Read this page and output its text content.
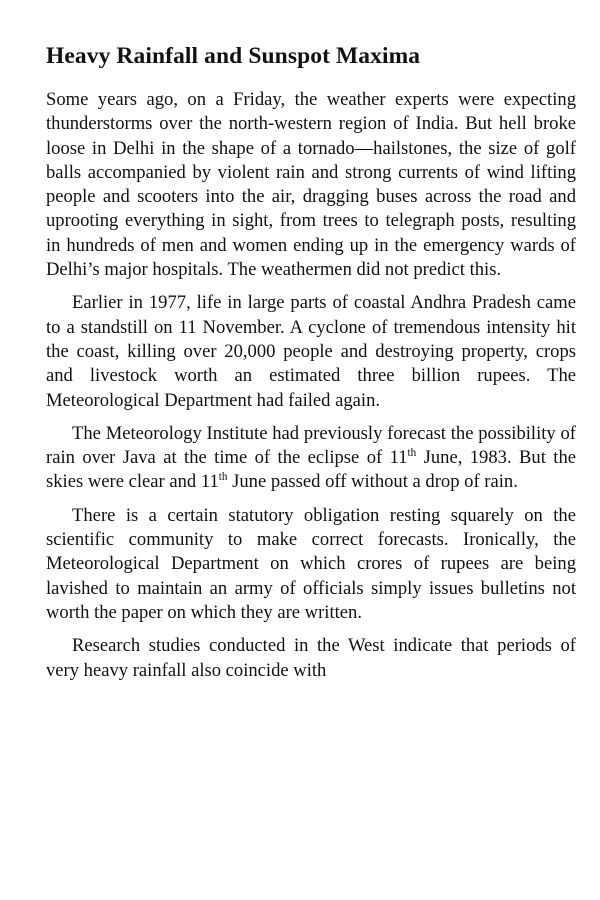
Heavy Rainfall and Sunspot Maxima

Some years ago, on a Friday, the weather experts were expecting thunderstorms over the north-western region of India. But hell broke loose in Delhi in the shape of a tornado—hailstones, the size of golf balls accompanied by violent rain and strong currents of wind lifting people and scooters into the air, dragging buses across the road and uprooting everything in sight, from trees to telegraph posts, resulting in hundreds of men and women ending up in the emergency wards of Delhi’s major hospitals. The weathermen did not predict this.

Earlier in 1977, life in large parts of coastal Andhra Pradesh came to a standstill on 11 November. A cyclone of tremendous intensity hit the coast, killing over 20,000 people and destroying property, crops and livestock worth an estimated three billion rupees. The Meteorological Department had failed again.

The Meteorology Institute had previously forecast the possibility of rain over Java at the time of the eclipse of 11th June, 1983. But the skies were clear and 11th June passed off without a drop of rain.

There is a certain statutory obligation resting squarely on the scientific community to make correct forecasts. Ironically, the Meteorological Department on which crores of rupees are being lavished to maintain an army of officials simply issues bulletins not worth the paper on which they are written.

Research studies conducted in the West indicate that periods of very heavy rainfall also coincide with
